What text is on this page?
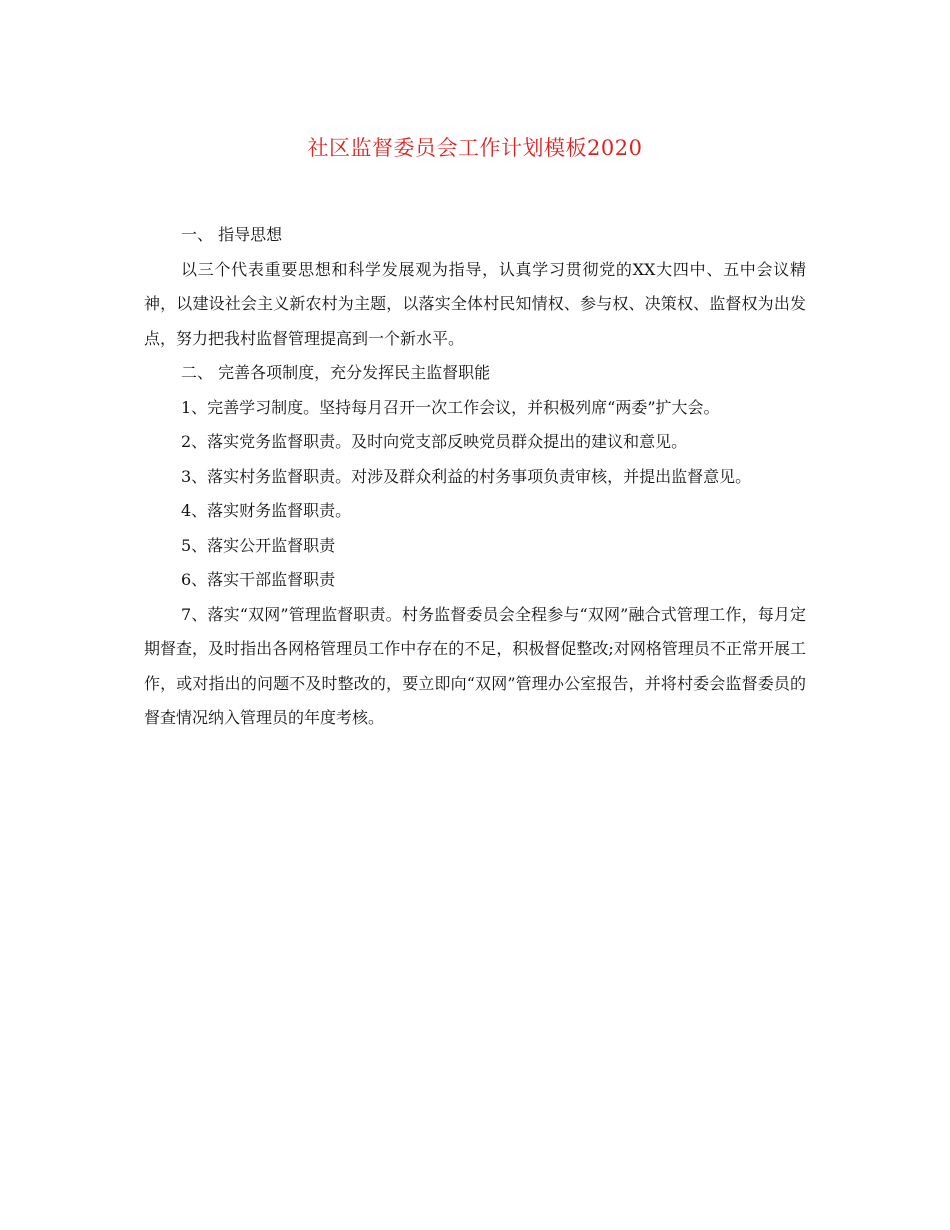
社区监督委员会工作计划模板2020

一、 指导思想

以三个代表重要思想和科学发展观为指导，认真学习贯彻党的XX大四中、五中会议精神，以建设社会主义新农村为主题，以落实全体村民知情权、参与权、决策权、监督权为出发点，努力把我村监督管理提高到一个新水平。

二、 完善各项制度，充分发挥民主监督职能

1、完善学习制度。坚持每月召开一次工作会议，并积极列席“两委”扩大会。

2、落实党务监督职责。及时向党支部反映党员群众提出的建议和意见。

3、落实村务监督职责。对涉及群众利益的村务事项负责审核，并提出监督意见。

4、落实财务监督职责。

5、落实公开监督职责

6、落实干部监督职责

7、落实“双网”管理监督职责。村务监督委员会全程参与“双网”融合式管理工作，每月定期督查，及时指出各网格管理员工作中存在的不足，积极督促整改;对网格管理员不正常开展工作，或对指出的问题不及时整改的，要立即向“双网”管理办公室报告，并将村委会监督委员的督查情况纳入管理员的年度考核。
